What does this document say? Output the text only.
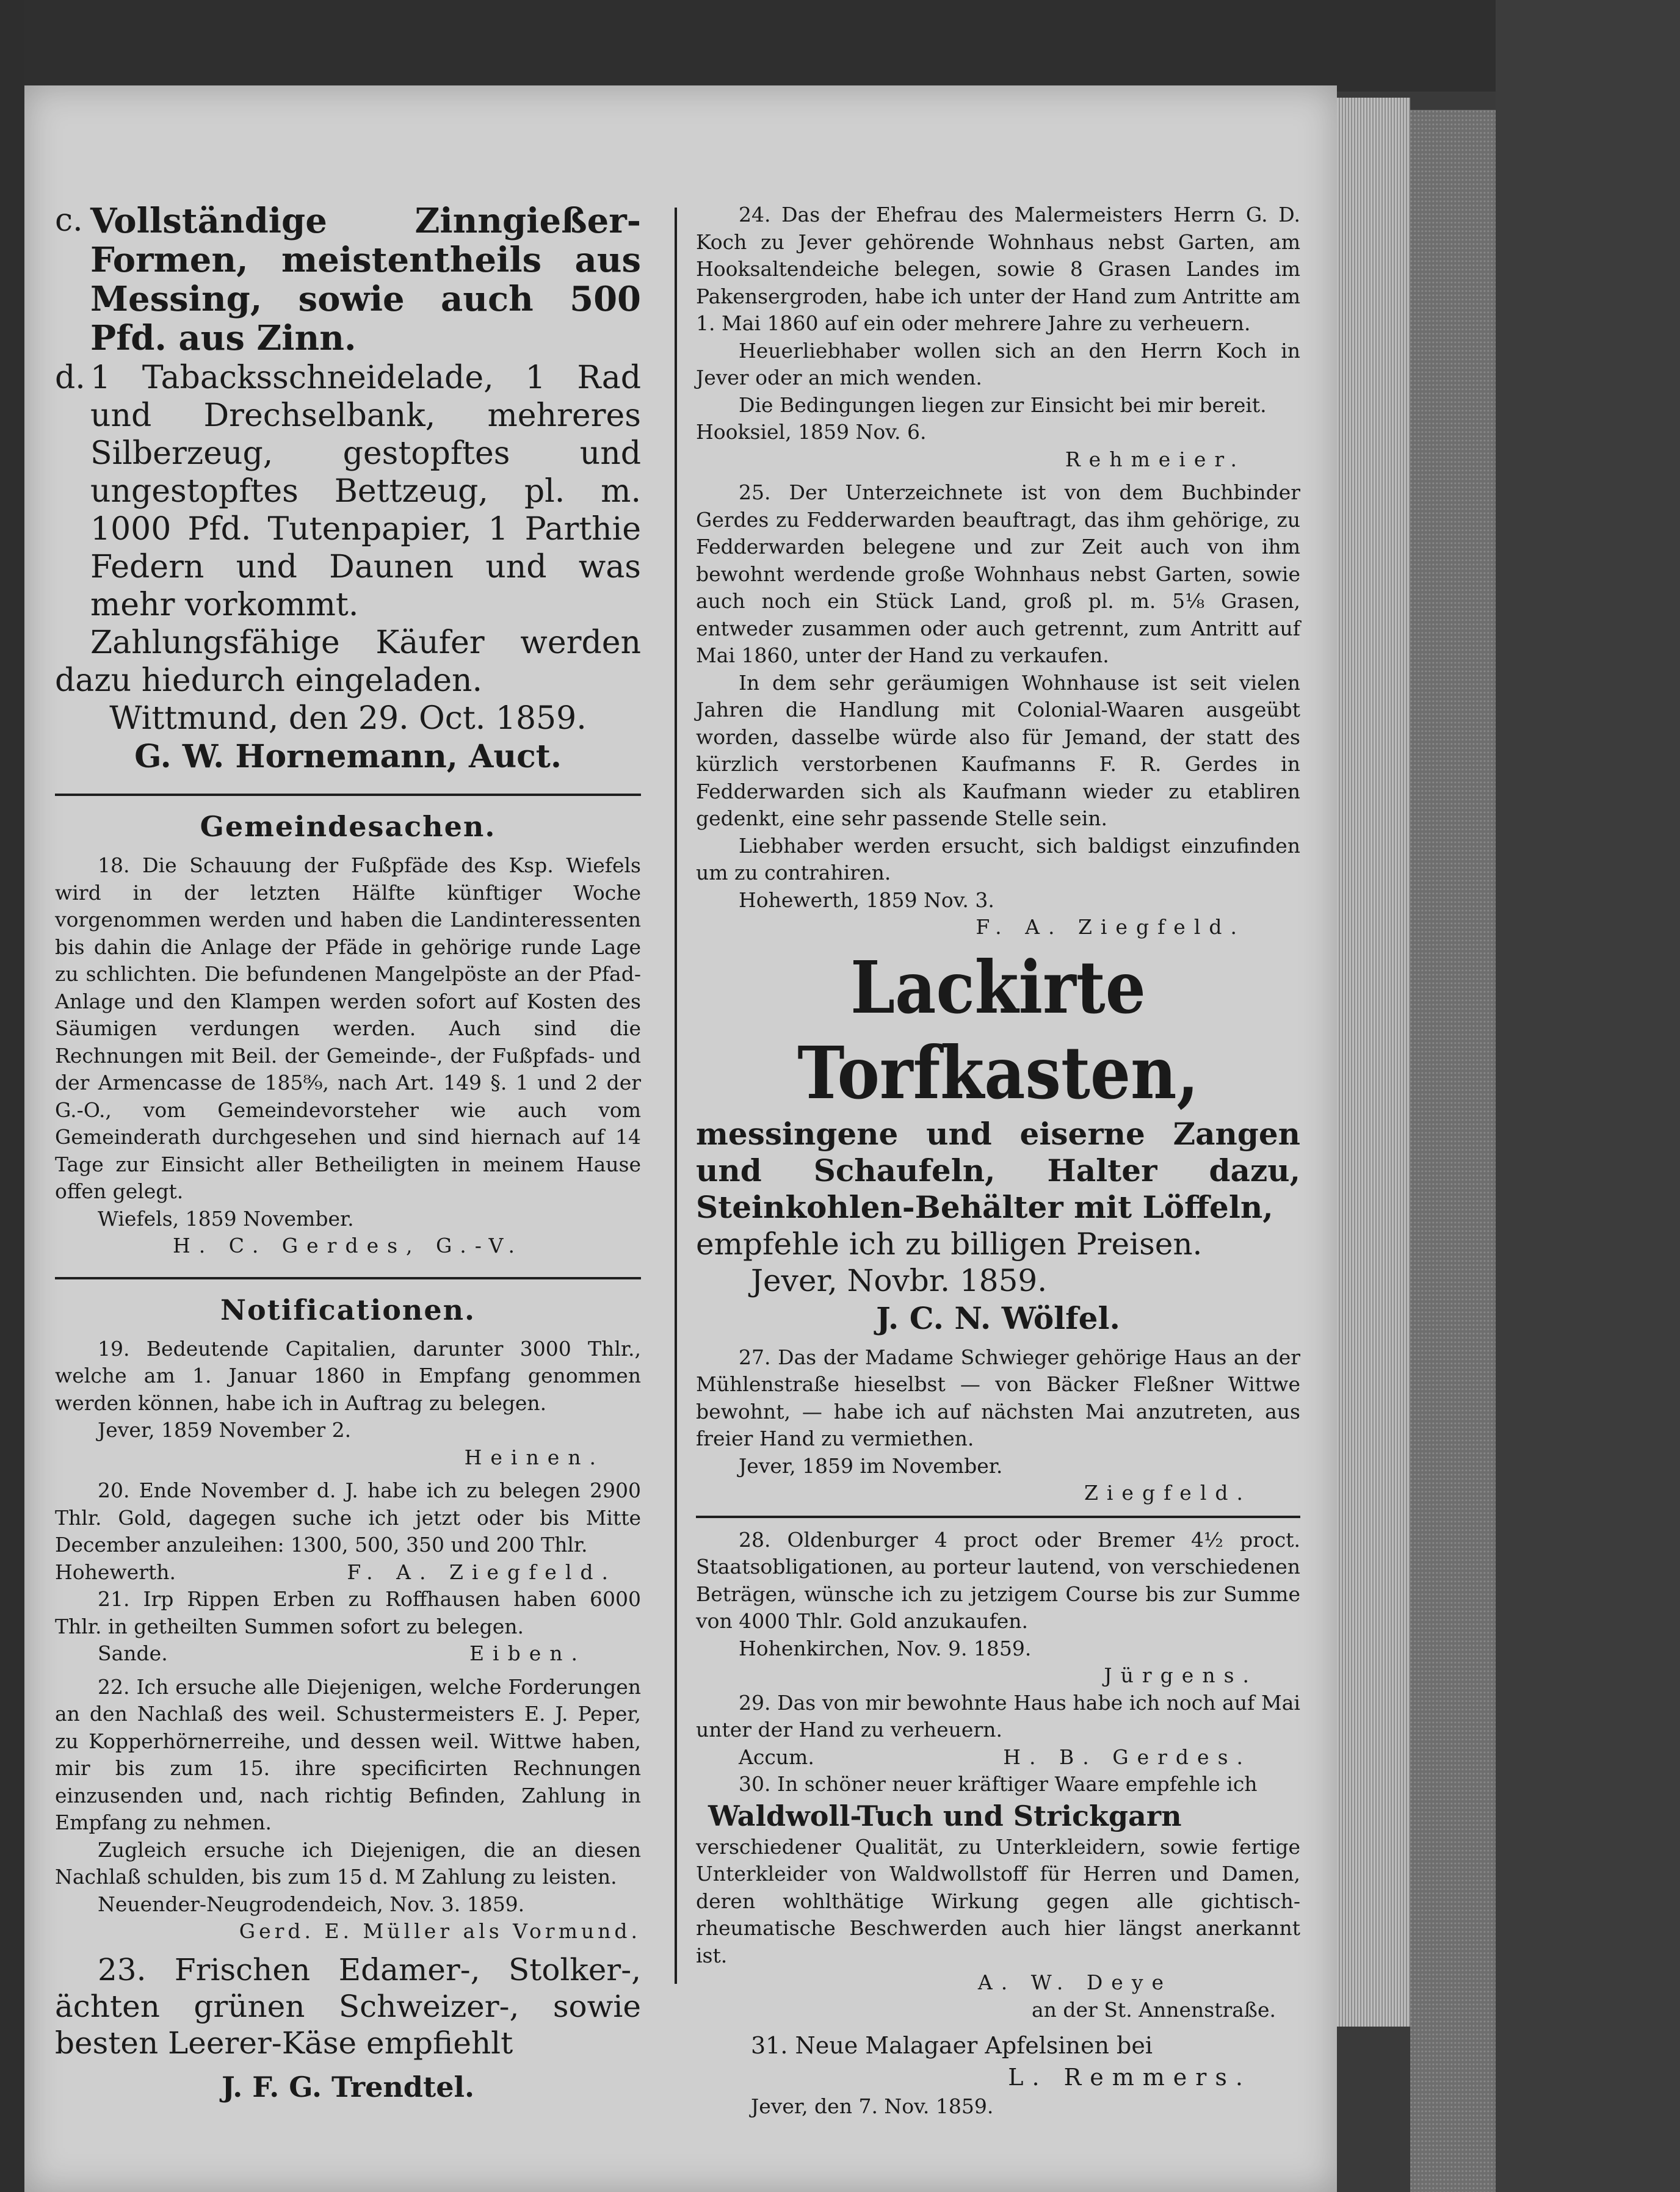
c. Vollständige Zinngießer-Formen, meistentheils aus Messing, sowie auch 500 Pfd. aus Zinn.

d. 1 Tabacksschneidelade, 1 Rad und Drechselbank, mehreres Silberzeug, gestopftes und ungestopftes Bettzeug, pl. m. 1000 Pfd. Tutenpapier, 1 Parthie Federn und Daunen und was mehr vorkommt.

Zahlungsfähige Käufer werden dazu hiedurch eingeladen.

Wittmund, den 29. Oct. 1859.

G. W. Hornemann, Auct.

Gemeindesachen.

18. Die Schauung der Fußpfäde des Ksp. Wiefels wird in der letzten Hälfte künftiger Woche vorgenommen werden und haben die Landinteressenten bis dahin die Anlage der Pfäde in gehörige runde Lage zu schlichten. Die befundenen Mangelpöste an der Pfad-Anlage und den Klampen werden sofort auf Kosten des Säumigen verdungen werden. Auch sind die Rechnungen mit Beil. der Gemeinde-, der Fußpfads- und der Armencasse de 185⁸⁄₉, nach Art. 149 §. 1 und 2 der G.-O., vom Gemeindevorsteher wie auch vom Gemeinderath durchgesehen und sind hiernach auf 14 Tage zur Einsicht aller Betheiligten in meinem Hause offen gelegt.

Wiefels, 1859 November.

H. C. Gerdes, G.-V.

Notificationen.

19. Bedeutende Capitalien, darunter 3000 Thlr., welche am 1. Januar 1860 in Empfang genommen werden können, habe ich in Auftrag zu belegen.

Jever, 1859 November 2.

Heinen.

20. Ende November d. J. habe ich zu belegen 2900 Thlr. Gold, dagegen suche ich jetzt oder bis Mitte December anzuleihen: 1300, 500, 350 und 200 Thlr.

Hohewerth.	F. A. Ziegfeld.

21. Irp Rippen Erben zu Roffhausen haben 6000 Thlr. in getheilten Summen sofort zu belegen.

Sande.	Eiben.

22. Ich ersuche alle Diejenigen, welche Forderungen an den Nachlaß des weil. Schustermeisters E. J. Peper, zu Kopperhörnerreihe, und dessen weil. Wittwe haben, mir bis zum 15. ihre specificirten Rechnungen einzusenden und, nach richtig Befinden, Zahlung in Empfang zu nehmen.

Zugleich ersuche ich Diejenigen, die an diesen Nachlaß schulden, bis zum 15 d. M Zahlung zu leisten.

Neuender-Neugrodendeich, Nov. 3. 1859.

Gerd. E. Müller als Vormund.

23. Frischen Edamer-, Stolker-, ächten grünen Schweizer-, sowie besten Leerer-Käse empfiehlt

J. F. G. Trendtel.

24. Das der Ehefrau des Malermeisters Herrn G. D. Koch zu Jever gehörende Wohnhaus nebst Garten, am Hooksaltendeiche belegen, sowie 8 Grasen Landes im Pakensergroden, habe ich unter der Hand zum Antritte am 1. Mai 1860 auf ein oder mehrere Jahre zu verheuern.

Heuerliebhaber wollen sich an den Herrn Koch in Jever oder an mich wenden.

Die Bedingungen liegen zur Einsicht bei mir bereit.

Hooksiel, 1859 Nov. 6.

Rehmeier.

25. Der Unterzeichnete ist von dem Buchbinder Gerdes zu Fedderwarden beauftragt, das ihm gehörige, zu Fedderwarden belegene und zur Zeit auch von ihm bewohnt werdende große Wohnhaus nebst Garten, sowie auch noch ein Stück Land, groß pl. m. 5⅛ Grasen, entweder zusammen oder auch getrennt, zum Antritt auf Mai 1860, unter der Hand zu verkaufen.

In dem sehr geräumigen Wohnhause ist seit vielen Jahren die Handlung mit Colonial-Waaren ausgeübt worden, dasselbe würde also für Jemand, der statt des kürzlich verstorbenen Kaufmanns F. R. Gerdes in Fedderwarden sich als Kaufmann wieder zu etabliren gedenkt, eine sehr passende Stelle sein.

Liebhaber werden ersucht, sich baldigst einzufinden um zu contrahiren.

Hohewerth, 1859 Nov. 3.

F. A. Ziegfeld.

Lackirte Torfkasten,

messingene und eiserne Zangen und Schaufeln, Halter dazu, Steinkohlen-Behälter mit Löffeln,

empfehle ich zu billigen Preisen.

Jever, Novbr. 1859.

J. C. N. Wölfel.

27. Das der Madame Schwieger gehörige Haus an der Mühlenstraße hieselbst — von Bäcker Fleßner Wittwe bewohnt, — habe ich auf nächsten Mai anzutreten, aus freier Hand zu vermiethen.

Jever, 1859 im November.

Ziegfeld.

28. Oldenburger 4 proct oder Bremer 4½ proct. Staatsobligationen, au porteur lautend, von verschiedenen Beträgen, wünsche ich zu jetzigem Course bis zur Summe von 4000 Thlr. Gold anzukaufen.

Hohenkirchen, Nov. 9. 1859.

Jürgens.

29. Das von mir bewohnte Haus habe ich noch auf Mai unter der Hand zu verheuern.

Accum.	H. B. Gerdes.

30. In schöner neuer kräftiger Waare empfehle ich

Waldwoll-Tuch und Strickgarn

verschiedener Qualität, zu Unterkleidern, sowie fertige Unterkleider von Waldwollstoff für Herren und Damen, deren wohlthätige Wirkung gegen alle gichtisch-rheumatische Beschwerden auch hier längst anerkannt ist.

A. W. Deye

an der St. Annenstraße.

31. Neue Malagaer Apfelsinen bei

L. Remmers.

Jever, den 7. Nov. 1859.
